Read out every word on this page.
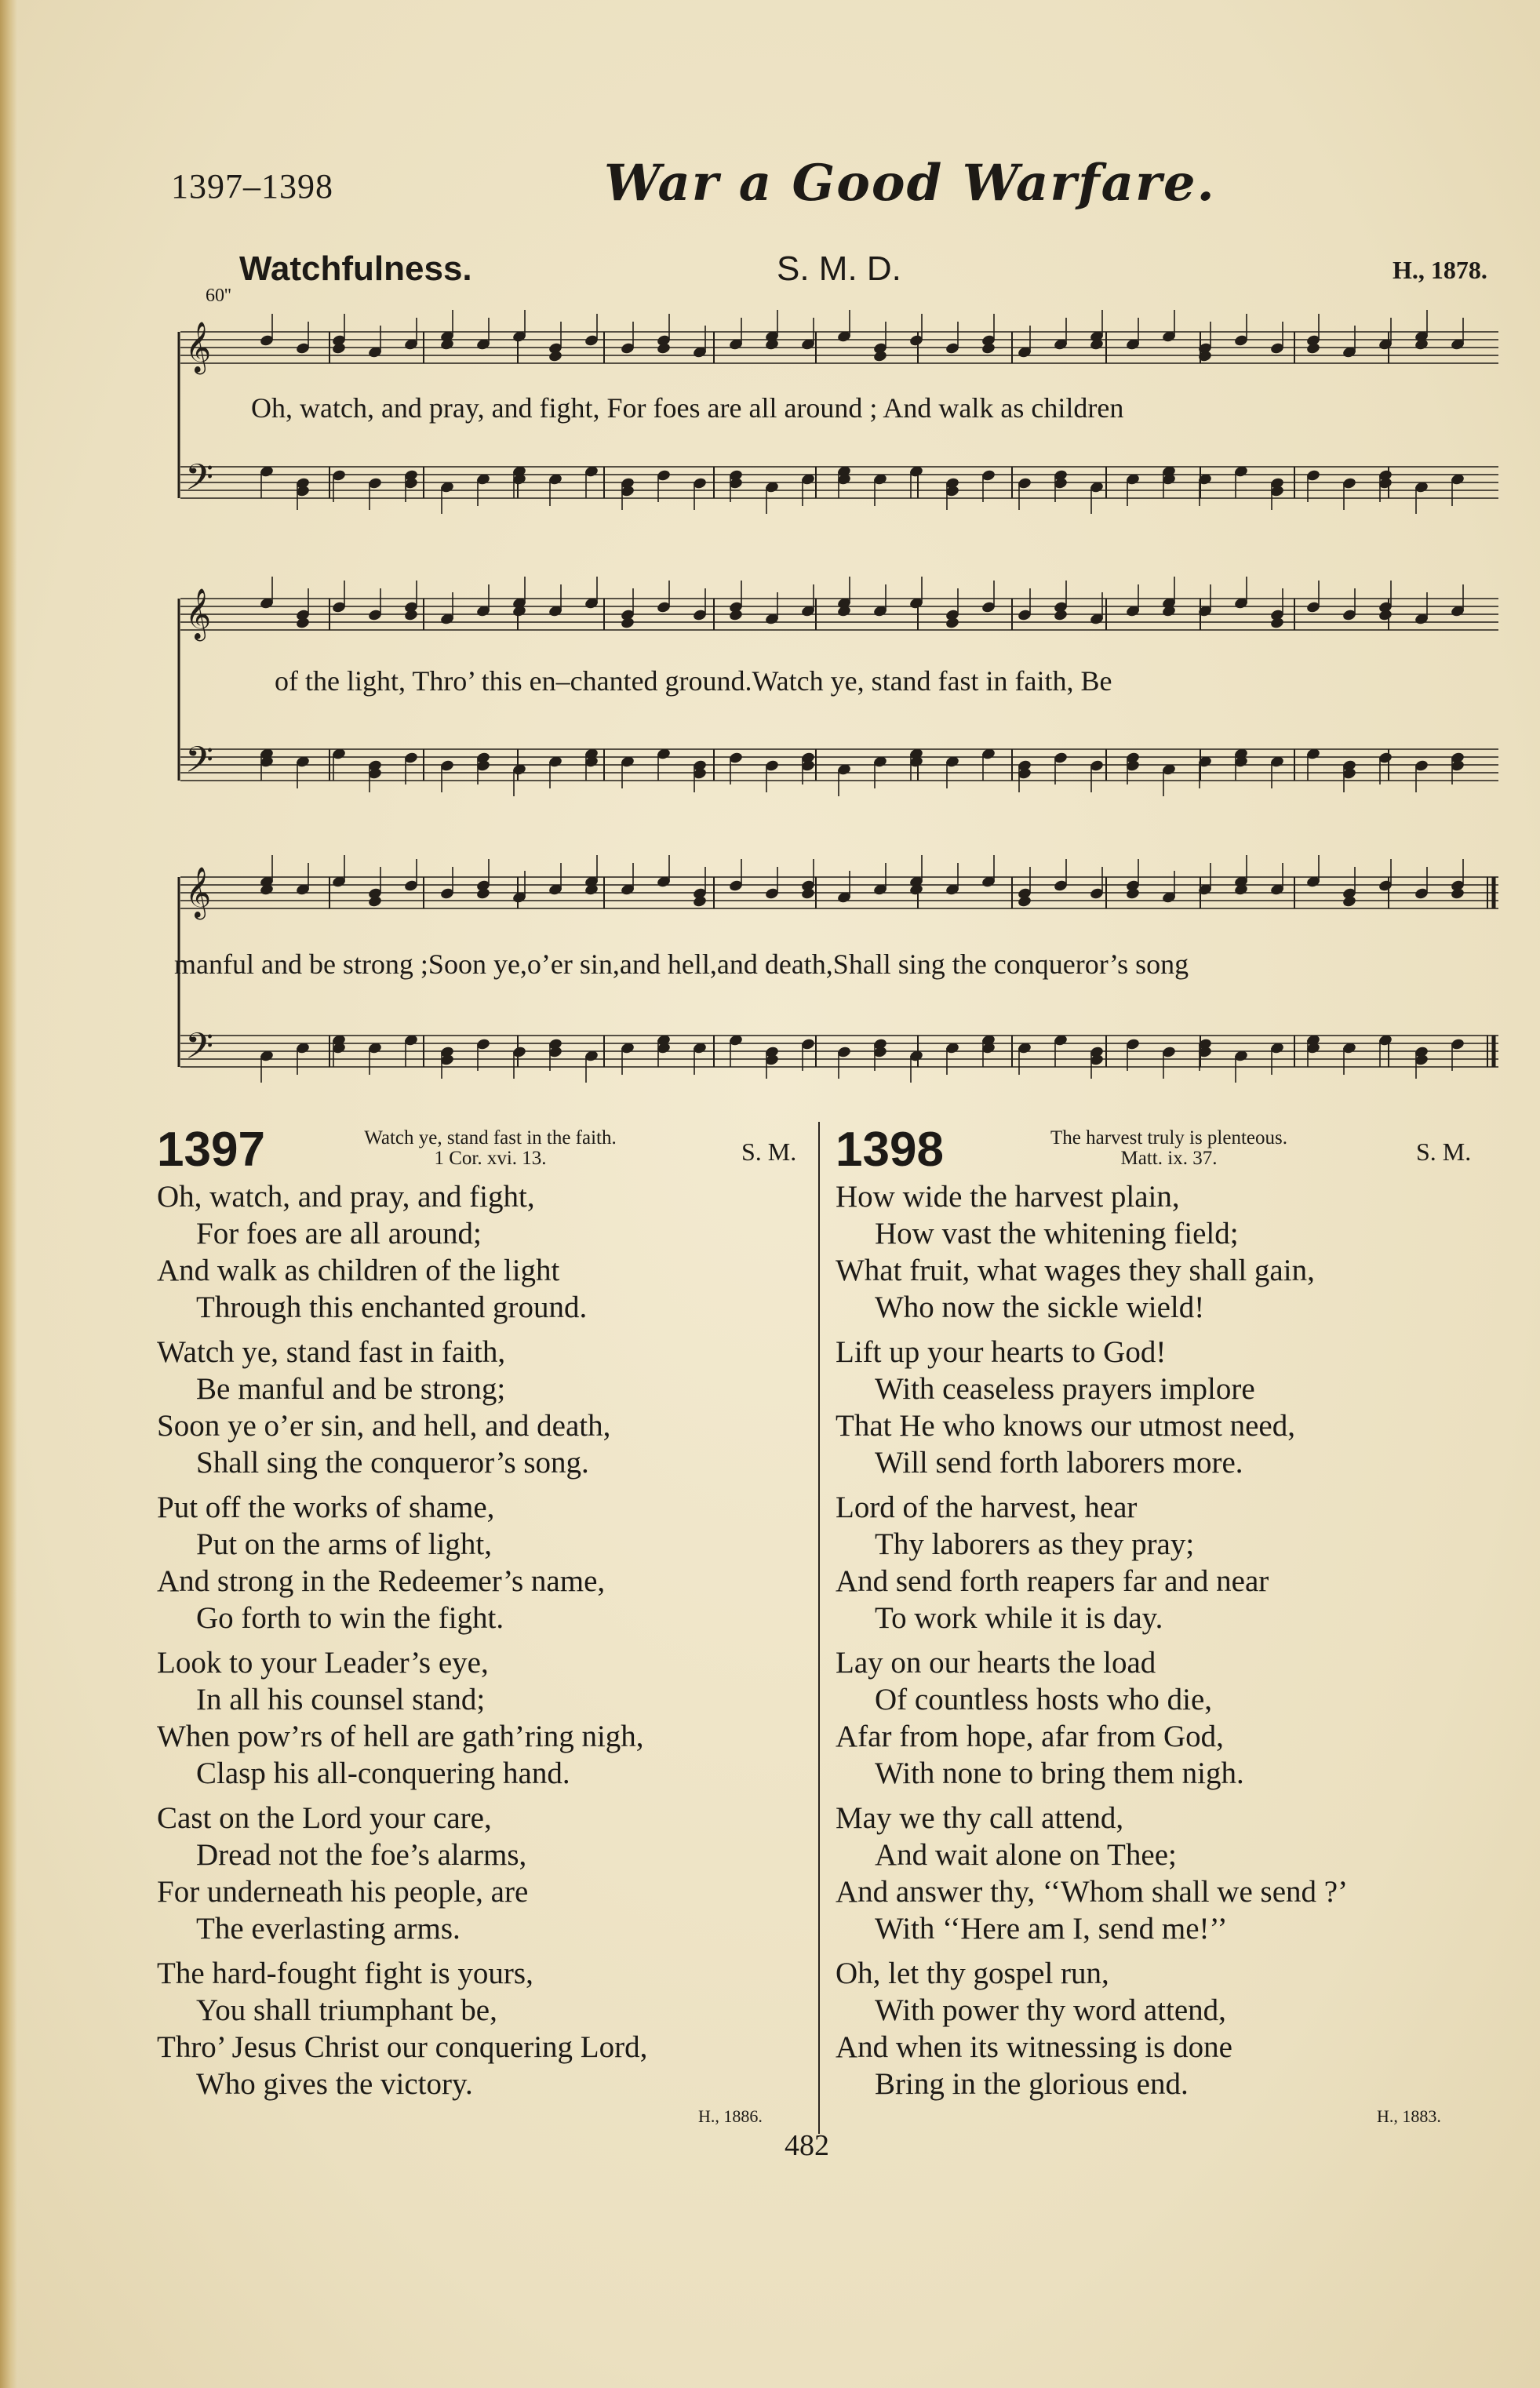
1397–1398	War a Good Warfare.
Watchfulness.	S. M. D.	H., 1878.
60''
𝄞
𝄢
Oh, watch, and pray, and fight, For foes are all around ; And walk as children
𝄞
𝄢
of the light, Thro’ this en–chanted ground.Watch ye, stand fast in faith, Be
𝄞
𝄢
manful and be strong ;Soon ye,o’er sin,and hell,and death,Shall sing the conqueror’s song
1397	Watch ye, stand fast in the faith.
1 Cor. xvi. 13.	S. M.
Oh, watch, and pray, and fight,
For foes are all around;
And walk as children of the light
Through this enchanted ground.
Watch ye, stand fast in faith,
Be manful and be strong;
Soon ye o’er sin, and hell, and death,
Shall sing the conqueror’s song.
Put off the works of shame,
Put on the arms of light,
And strong in the Redeemer’s name,
Go forth to win the fight.
Look to your Leader’s eye,
In all his counsel stand;
When pow’rs of hell are gath’ring nigh,
Clasp his all-conquering hand.
Cast on the Lord your care,
Dread not the foe’s alarms,
For underneath his people, are
The everlasting arms.
The hard-fought fight is yours,
You shall triumphant be,
Thro’ Jesus Christ our conquering Lord,
Who gives the victory.
H., 1886.
1398	The harvest truly is plenteous.
Matt. ix. 37.	S. M.
How wide the harvest plain,
How vast the whitening field;
What fruit, what wages they shall gain,
Who now the sickle wield!
Lift up your hearts to God!
With ceaseless prayers implore
That He who knows our utmost need,
Will send forth laborers more.
Lord of the harvest, hear
Thy laborers as they pray;
And send forth reapers far and near
To work while it is day.
Lay on our hearts the load
Of countless hosts who die,
Afar from hope, afar from God,
With none to bring them nigh.
May we thy call attend,
And wait alone on Thee;
And answer thy, ‘‘Whom shall we send ?’
With ‘‘Here am I, send me!’’
Oh, let thy gospel run,
With power thy word attend,
And when its witnessing is done
Bring in the glorious end.
H., 1883.
482
